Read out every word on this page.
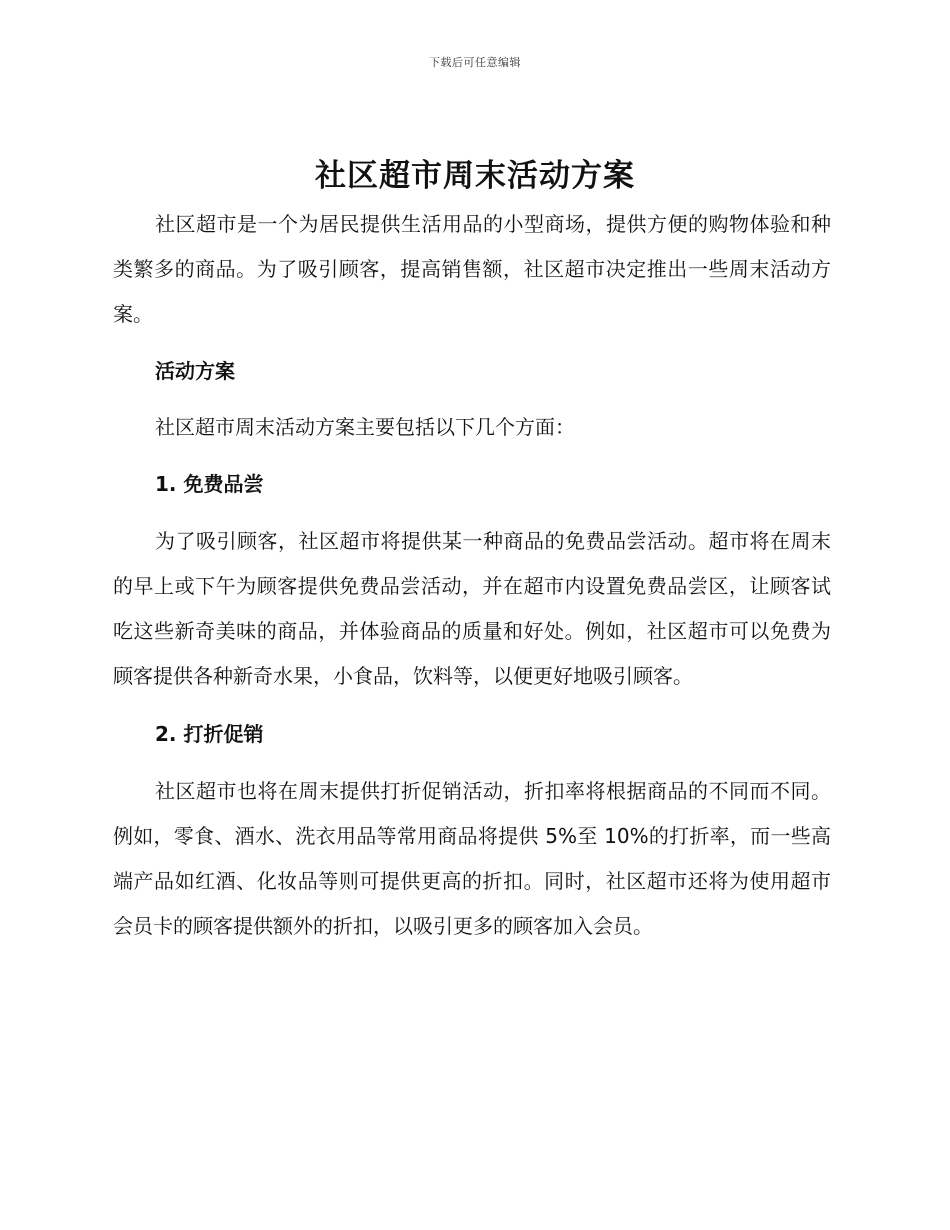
下载后可任意编辑
社区超市周末活动方案

社区超市是一个为居民提供生活用品的小型商场，提供方便的购物体验和种类繁多的商品。为了吸引顾客，提高销售额，社区超市决定推出一些周末活动方案。

活动方案

社区超市周末活动方案主要包括以下几个方面：

1. 免费品尝

为了吸引顾客，社区超市将提供某一种商品的免费品尝活动。超市将在周末的早上或下午为顾客提供免费品尝活动，并在超市内设置免费品尝区，让顾客试吃这些新奇美味的商品，并体验商品的质量和好处。例如，社区超市可以免费为顾客提供各种新奇水果，小食品，饮料等，以便更好地吸引顾客。

2. 打折促销

社区超市也将在周末提供打折促销活动，折扣率将根据商品的不同而不同。例如，零食、酒水、洗衣用品等常用商品将提供 5%至 10%的打折率，而一些高端产品如红酒、化妆品等则可提供更高的折扣。同时，社区超市还将为使用超市会员卡的顾客提供额外的折扣，以吸引更多的顾客加入会员。
